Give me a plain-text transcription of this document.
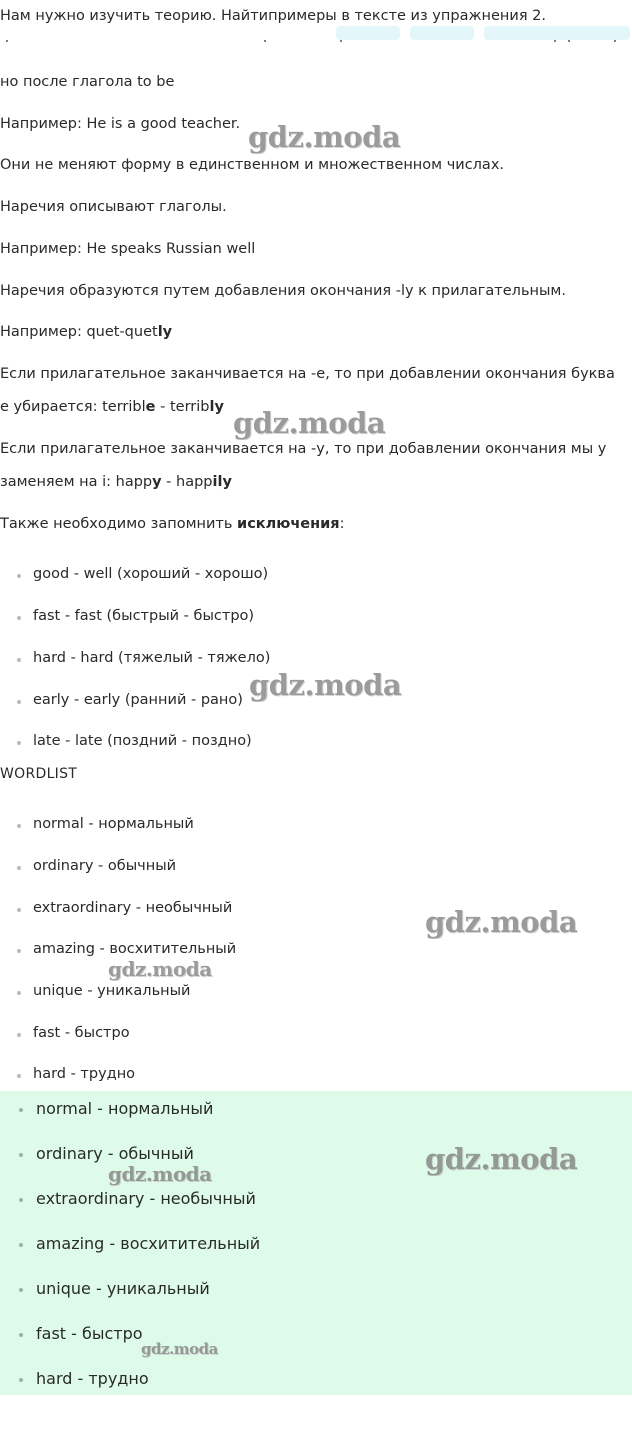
Нам нужно изучить теорию. Найтипримеры в тексте из упражнения 2.
но после глагола to be
Например: He is a good teacher.
Они не меняют форму в единственном и множественном числах.
Наречия описывают глаголы.
Например: He speaks Russian well
Наречия образуются путем добавления окончания -ly к прилагательным.
Например: quet-quetly
Если прилагательное заканчивается на -е, то при добавлении окончания буква
е убирается: terrible - terribly
Если прилагательное заканчивается на -у, то при добавлении окончания мы у
заменяем на i: happy - happily
Также необходимо запомнить исключения:
good - well (хороший - хорошо)
fast - fast (быстрый - быстро)
hard - hard (тяжелый - тяжело)
early - early (ранний - рано)
late - late (поздний - поздно)
WORDLIST
normal - нормальный
ordinary - обычный
extraordinary - необычный
amazing - восхитительный
unique - уникальный
fast - быстро
hard - трудно
normal - нормальный
ordinary - обычный
extraordinary - необычный
amazing - восхитительный
unique - уникальный
fast - быстро
hard - трудно
gdz.moda
gdz.moda
gdz.moda
gdz.moda
gdz.moda
gdz.moda
gdz.moda
gdz.moda
